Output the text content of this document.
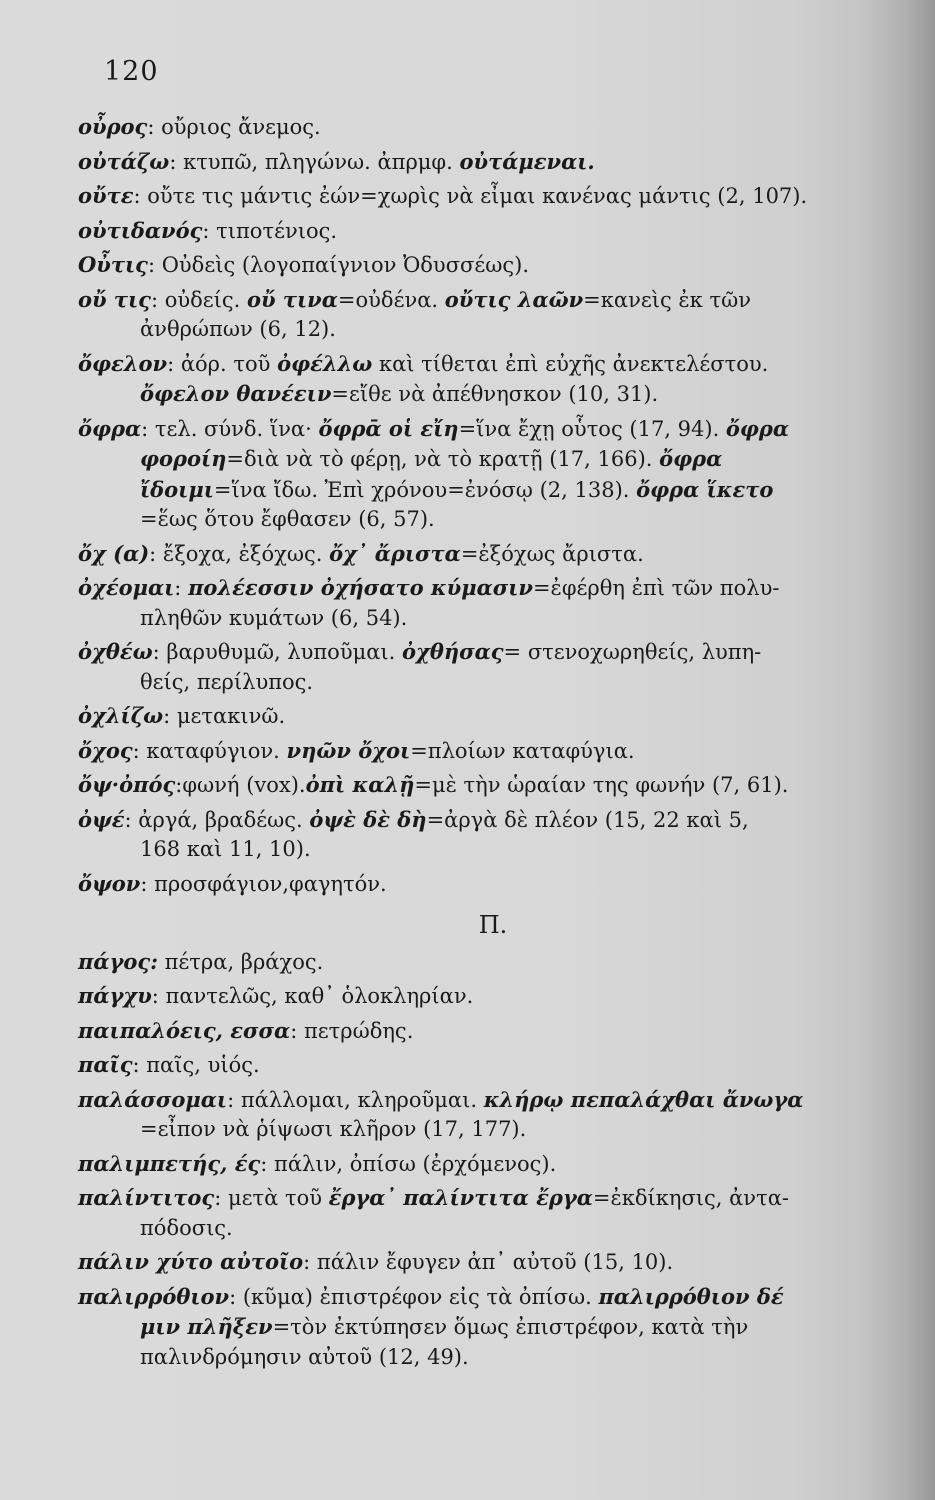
120
οὖρος: οὔριος ἄνεμος.
οὐτάζω: κτυπῶ, πληγώνω. ἀπρμφ. οὐτάμεναι.
οὔτε: οὔτε τις μάντις ἐών=χωρὶς νὰ εἶμαι κανένας μάντις (2, 107).
οὐτιδανός: τιποτένιος.
Οὖτις: Οὐδεὶς (λογοπαίγνιον Ὀδυσσέως).
οὔ τις: οὐδείς. οὔ τινα=οὐδένα. οὔτις λαῶν=κανεὶς ἐκ τῶν
ἀνθρώπων (6, 12).
ὄφελον: ἀόρ. τοῦ ὀφέλλω καὶ τίθεται ἐπὶ εὐχῆς ἀνεκτελέστου.
ὄφελον θανέειν=εἴθε νὰ ἀπέθνησκον (10, 31).
ὄφρα: τελ. σύνδ. ἵνα· ὄφρᾱ οἱ εἴη=ἵνα ἔχῃ οὗτος (17, 94). ὄφρα
φορoίη=διὰ νὰ τὸ φέρῃ, νὰ τὸ κρατῇ (17, 166). ὄφρα
ἴδοιμι=ἵνα ἴδω. Ἐπὶ χρόνου=ἐνόσῳ (2, 138). ὄφρα ἵκετο
=ἕως ὅτου ἔφθασεν (6, 57).
ὄχ (α): ἔξοχα, ἐξόχως. ὄχ᾽ ἄριστα=ἐξόχως ἄριστα.
ὀχέομαι: πολέεσσιν ὀχήσατο κύμασιν=ἐφέρθη ἐπὶ τῶν πολυ-
πληθῶν κυμάτων (6, 54).
ὀχθέω: βαρυθυμῶ, λυποῦμαι. ὀχθήσας= στενοχωρηθείς, λυπη-
θείς, περίλυπος.
ὀχλίζω: μετακινῶ.
ὄχος: καταφύγιον. νηῶν ὄχοι=πλοίων καταφύγια.
ὄψ·ὀπός:φωνή (vox).ὀπὶ καλῇ=μὲ τὴν ὡραίαν της φωνήν (7, 61).
ὀψέ: ἀργά, βραδέως. ὀψὲ δὲ δὴ=ἀργὰ δὲ πλέον (15, 22 καὶ 5,
168 καὶ 11, 10).
ὄψον: προσφάγιον,φαγητόν.
Π.
πάγος: πέτρα, βράχος.
πάγχυ: παντελῶς, καθ᾽ ὁλοκληρίαν.
παιπαλόεις, εσσα: πετρώδης.
παῖς: παῖς, υἱός.
παλάσσομαι: πάλλομαι, κληροῦμαι. κλήρῳ πεπαλάχθαι ἄνωγα
=εἶπον νὰ ῥίψωσι κλῆρον (17, 177).
παλιμπετής, ές: πάλιν, ὀπίσω (ἐρχόμενος).
παλίντιτος: μετὰ τοῦ ἔργα᾽ παλίντιτα ἔργα=ἐκδίκησις, ἀντα-
πόδοσις.
πάλιν χύτο αὐτοῖο: πάλιν ἔφυγεν ἀπ᾽ αὐτοῦ (15, 10).
παλιρρόθιον: (κῦμα) ἐπιστρέφον εἰς τὰ ὀπίσω. παλιρρόθιον δέ
μιν πλῆξεν=τὸν ἐκτύπησεν ὅμως ἐπιστρέφον, κατὰ τὴν
παλινδρόμησιν αὐτοῦ (12, 49).
